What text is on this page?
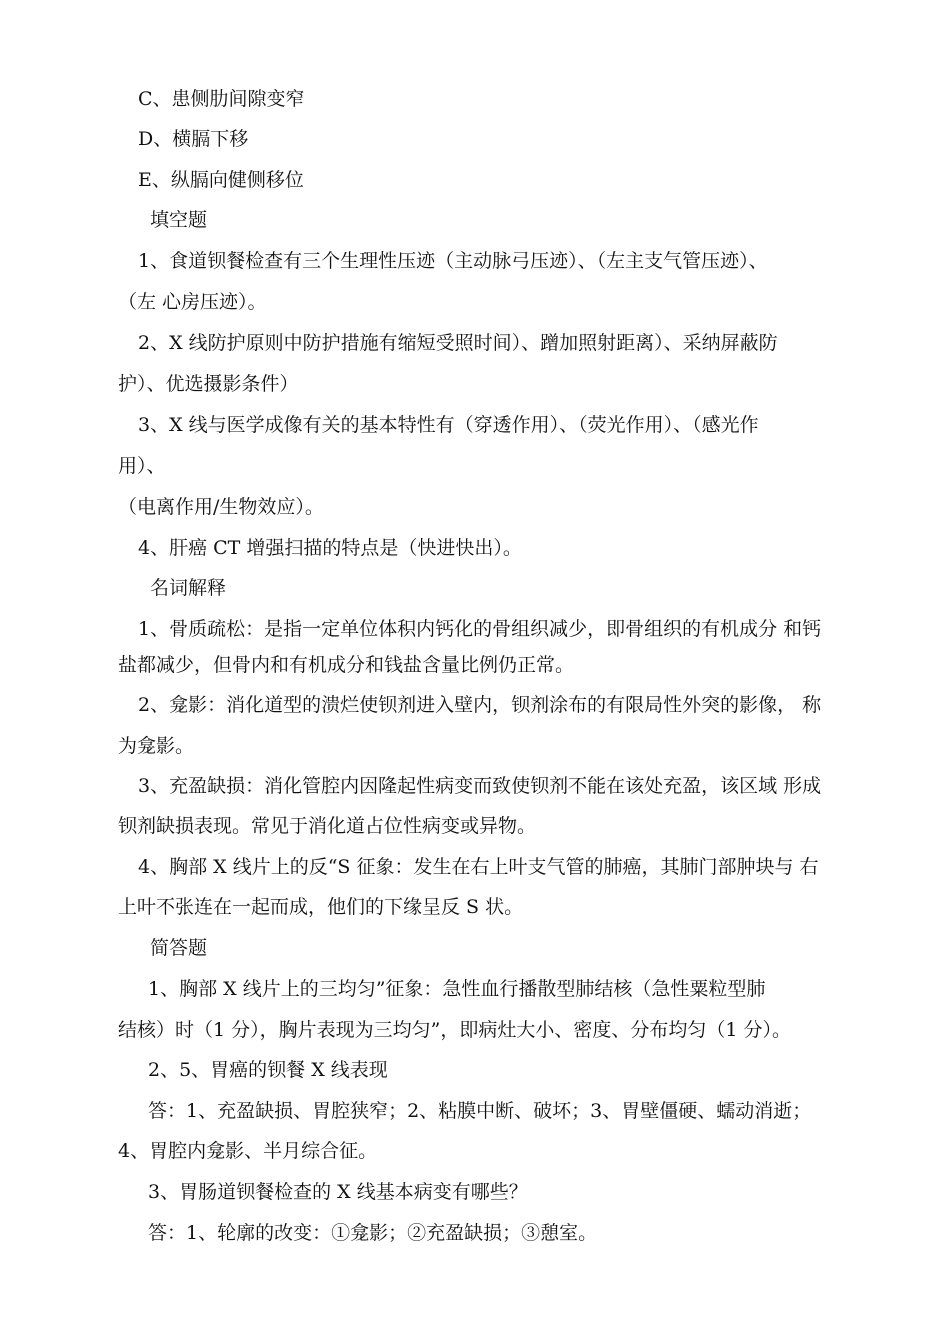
C、患侧肋间隙变窄
D、横膈下移
E、纵膈向健侧移位
填空题
1、食道钡餐检查有三个生理性压迹（主动脉弓压迹）、（左主支气管压迹）、
（左 心房压迹）。
2、X 线防护原则中防护措施有缩短受照时间）、蹭加照射距离）、采纳屏蔽防
护）、优选摄影条件）
3、X 线与医学成像有关的基本特性有（穿透作用）、（荧光作用）、（感光作
用）、
（电离作用/生物效应）。
4、肝癌 CT 增强扫描的特点是（快进快出）。
名词解释
1、骨质疏松：是指一定单位体积内钙化的骨组织减少，即骨组织的有机成分 和钙
盐都减少，但骨内和有机成分和钱盐含量比例仍正常。
2、龛影：消化道型的溃烂使钡剂进入壁内，钡剂涂布的有限局性外突的影像， 称
为龛影。
3、充盈缺损：消化管腔内因隆起性病变而致使钡剂不能在该处充盈，该区域 形成
钡剂缺损表现。常见于消化道占位性病变或异物。
4、胸部 X 线片上的反“S 征象：发生在右上叶支气管的肺癌，其肺门部肿块与 右
上叶不张连在一起而成，他们的下缘呈反 S 状。
简答题
1、胸部 X 线片上的三均匀”征象：急性血行播散型肺结核（急性粟粒型肺
结核）时（1 分），胸片表现为三均匀”，即病灶大小、密度、分布均匀（1 分）。
2、5、胃癌的钡餐 X 线表现
答：1、充盈缺损、胃腔狭窄；2、粘膜中断、破坏；3、胃壁僵硬、蠕动消逝；
4、胃腔内龛影、半月综合征。
3、胃肠道钡餐检查的 X 线基本病变有哪些？
答：1、轮廓的改变：①龛影；②充盈缺损；③憩室。
